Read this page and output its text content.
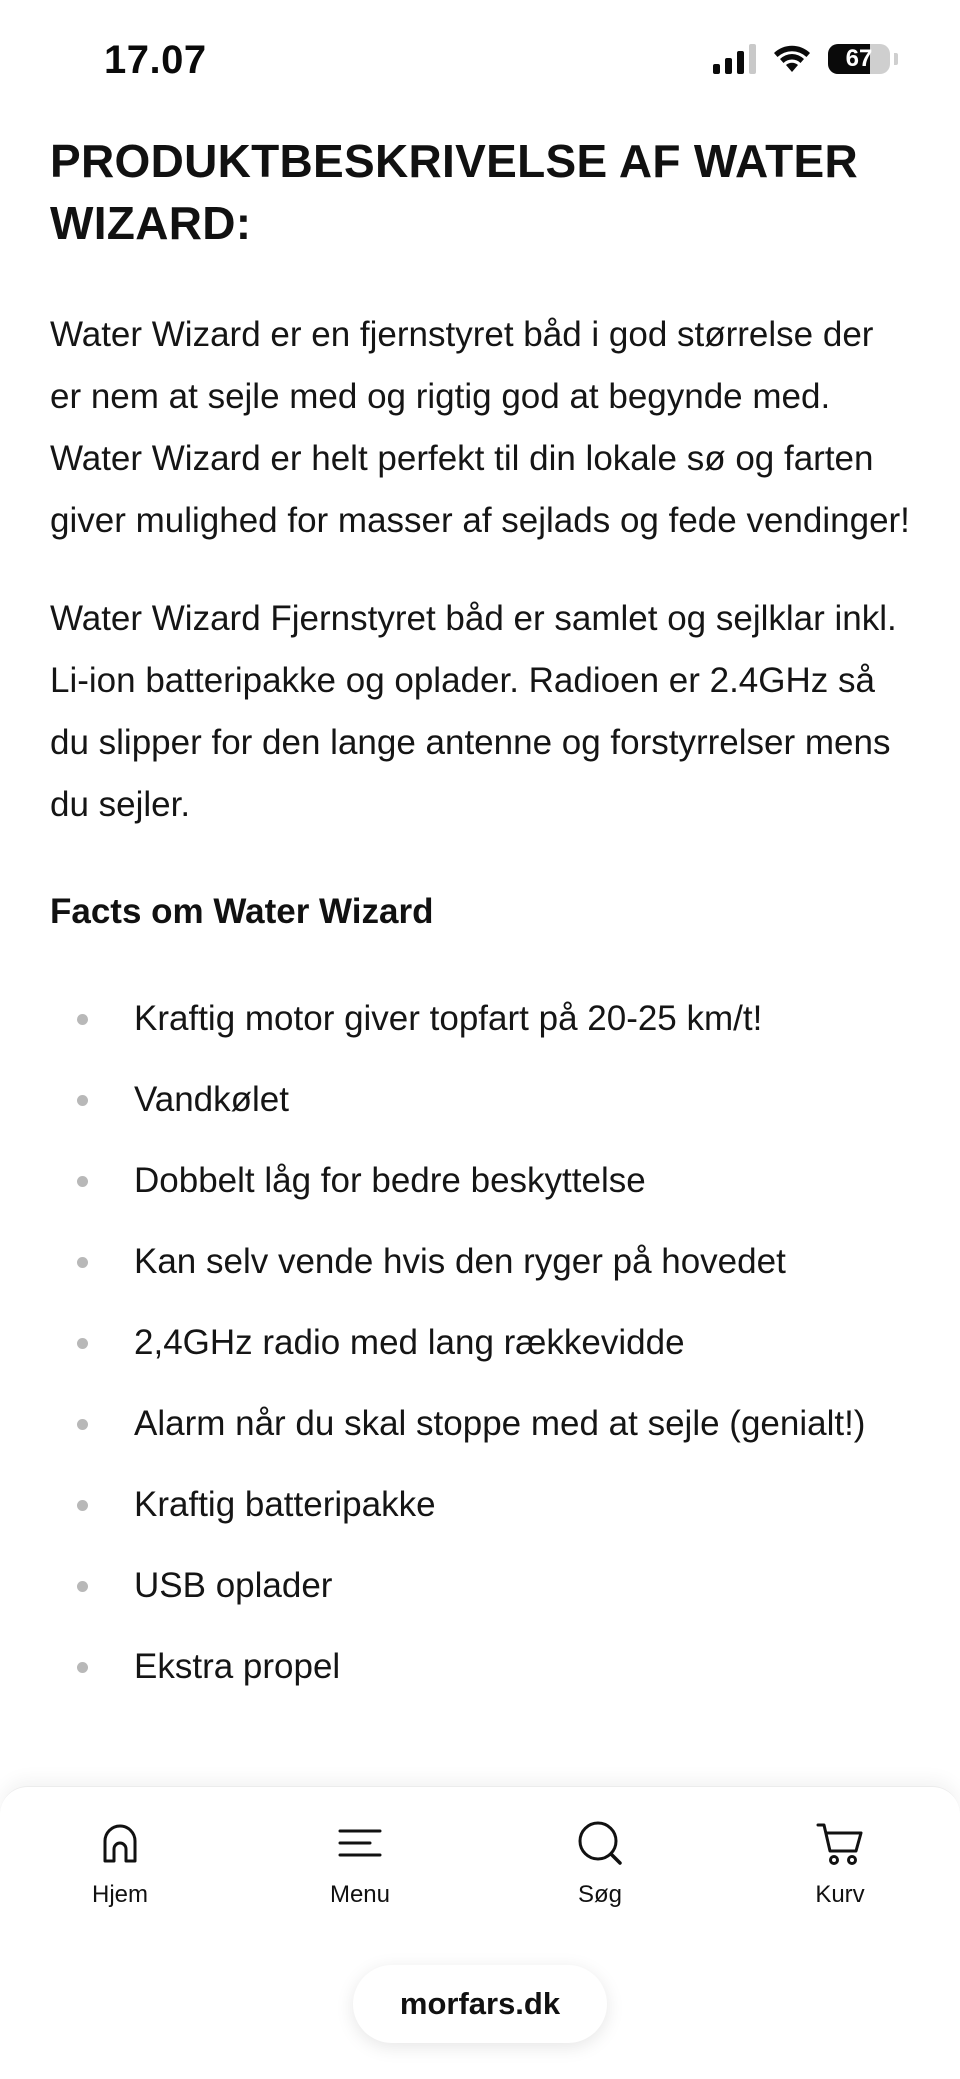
17.07	67
PRODUKTBESKRIVELSE AF WATER WIZARD:

Water Wizard er en fjernstyret båd i god størrelse der er nem at sejle med og rigtig god at begynde med. Water Wizard er helt perfekt til din lokale sø og farten giver mulighed for masser af sejlads og fede vendinger!

Water Wizard Fjernstyret båd er samlet og sejlklar inkl. Li-ion batteripakke og oplader. Radioen er 2.4GHz så du slipper for den lange antenne og forstyrrelser mens du sejler.

Facts om Water Wizard
Kraftig motor giver topfart på 20-25 km/t!
Vandkølet
Dobbelt låg for bedre beskyttelse
Kan selv vende hvis den ryger på hovedet
2,4GHz radio med lang rækkevidde
Alarm når du skal stoppe med at sejle (genialt!)
Kraftig batteripakke
USB oplader
Ekstra propel
Hjem	Menu	Søg	Kurv
morfars.dk
